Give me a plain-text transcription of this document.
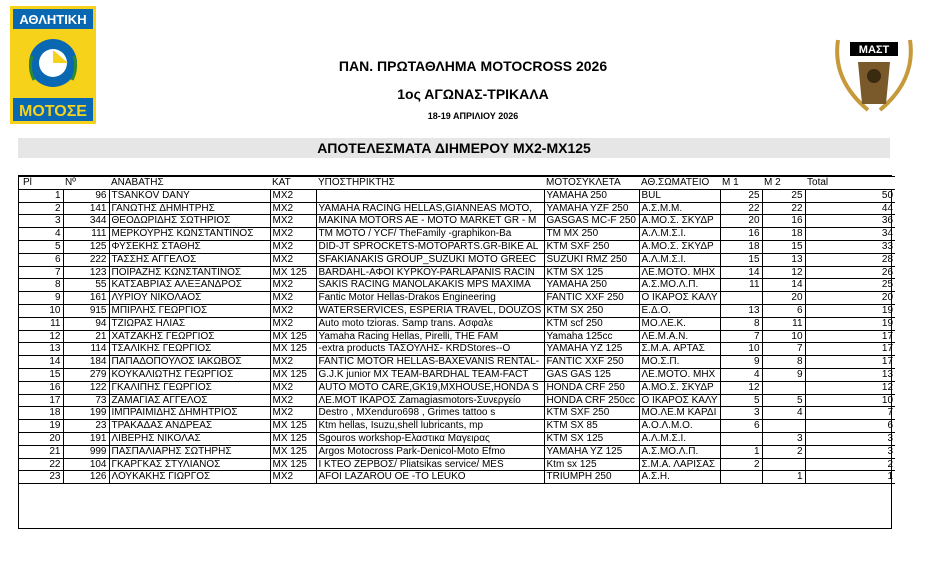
ΑΘΛΗΤΙΚΗ
ΜΟΤΟΣΕ
ΜΑΣΤ
ΠΑΝ. ΠΡΩΤΑΘΛΗΜΑ MOTOCROSS 2026
1ος ΑΓΩΝΑΣ-ΤΡΙΚΑΛΑ
18-19 ΑΠΡΙΛΙΟΥ 2026
ΑΠΟΤΕΛΕΣΜΑΤΑ ΔΙΗΜΕΡΟΥ MX2-MX125
Pl	Nº	ΑΝΑΒΑΤΗΣ	ΚΑΤ	ΥΠΟΣΤΗΡΙΚΤΗΣ	ΜΟΤΟΣΥΚΛΕΤΑ	ΑΘ.ΣΩΜΑΤΕΙΟ	Μ 1	Μ 2	Total
1	96	TSANKOV DANY	MX2		YAMAHA 250	BUL	25	25	50
2	141	ΓΑΝΩΤΗΣ ΔΗΜΗΤΡΗΣ	MX2	YAMAHA RACING HELLAS,GIANNEAS MOTO,	YAMAHA YZF 250	Α.Σ.Μ.Μ.	22	22	44
3	344	ΘΕΟΔΩΡΙΔΗΣ ΣΩΤΗΡΙΟΣ	MX2	MAKINA MOTORS AE - MOTO MARKET GR - M	GASGAS MC-F 250	Α.ΜΟ.Σ. ΣΚΥΔΡ	20	16	36
4	111	ΜΕΡΚΟΥΡΗΣ ΚΩΝΣΤΑΝΤΙΝΟΣ	MX2	TM MOTO / YCF/ TheFamily -graphikon-Ba	TM MX 250	Α.Λ.Μ.Σ.Ι.	16	18	34
5	125	ΦΥΣΕΚΗΣ ΣΤΑΘΗΣ	MX2	DID-JT SPROCKETS-MOTOPARTS.GR-BIKE AL	KTM SXF 250	Α.ΜΟ.Σ. ΣΚΥΔΡ	18	15	33
6	222	ΤΑΣΣΗΣ ΑΓΓΕΛΟΣ	MX2	SFAKIANAKIS GROUP_SUZUKI MOTO GREEC	SUZUKI RMZ 250	Α.Λ.Μ.Σ.Ι.	15	13	28
7	123	ΠΟΪΡΑΖΗΣ ΚΩΝΣΤΑΝΤΙΝΟΣ	MX 125	BARDAHL-ΑΦΟΙ ΚΥΡΚΟΥ-PARLAPANIS RACIN	KTM SX 125	ΛΕ.ΜΟΤΟ. ΜΗΧ	14	12	26
8	55	ΚΑΤΣΑΒΡΙΑΣ ΑΛΕΞΑΝΔΡΟΣ	MX2	SAKIS RACING MANOLAKAKIS MPS MAXIMA	YAMAHA 250	Α.Σ.ΜΟ.Λ.Π.	11	14	25
9	161	ΛΥΡΙΟΥ ΝΙΚΟΛΑΟΣ	MX2	Fantic Motor Hellas-Drakos Engineering	FANTIC XXF 250	Ο ΙΚΑΡΟΣ ΚΑΛΥ		20	20
10	915	ΜΠΙΡΛΗΣ ΓΕΩΡΓΙΟΣ	MX2	WATERSERVICES, ESPERIA TRAVEL, DOUZOS	KTM SX 250	Ε.Δ.Ο.	13	6	19
11	94	ΤΖΙΩΡΑΣ ΗΛΙΑΣ	MX2	Auto moto tzioras. Samp trans. Ασφαλε	KTM scf 250	ΜΟ.ΛΕ.Κ.	8	11	19
12	21	ΧΑΤΖΑΚΗΣ ΓΕΩΡΓΙΟΣ	MX 125	Yamaha Racing Hellas, Pirelli, THE FAM	Yamaha 125cc	ΛΕ.Μ.Α.Ν.	7	10	17
13	114	ΤΣΑΛΙΚΗΣ ΓΕΩΡΓΙΟΣ	MX 125	-extra products ΤΑΣΟΥΛΗΣ- KRDStores--Ο	YAMAHA YZ 125	Σ.Μ.Α. ΑΡΤΑΣ	10	7	17
14	184	ΠΑΠΑΔΟΠΟΥΛΟΣ ΙΑΚΩΒΟΣ	MX2	FANTIC MOTOR HELLAS-BAXEVANIS RENTAL-	FANTIC XXF 250	ΜΟ.Σ.Π.	9	8	17
15	279	ΚΟΥΚΑΛΙΩΤΗΣ ΓΕΩΡΓΙΟΣ	MX 125	G.J.K junior MX TEAM-BARDHAL TEAM-FACT	GAS GAS 125	ΛΕ.ΜΟΤΟ. ΜΗΧ	4	9	13
16	122	ΓΚΑΛΙΠΗΣ ΓΕΩΡΓΙΟΣ	MX2	AUTO MOTO CARE,GK19,MXHOUSE,HONDA S	HONDA CRF 250	Α.ΜΟ.Σ. ΣΚΥΔΡ	12		12
17	73	ΖΑΜΑΓΙΑΣ ΑΓΓΕΛΟΣ	MX2	ΛΕ.ΜΟΤ ΙΚΑΡΟΣ Zamagiasmotors-Συνεργείο	HONDA CRF 250cc	Ο ΙΚΑΡΟΣ ΚΑΛΥ	5	5	10
18	199	ΙΜΠΡΑΙΜΙΔΗΣ ΔΗΜΗΤΡΙΟΣ	MX2	Destro , MXenduro698 , Grimes tattoo s	KTM SXF 250	ΜΟ.ΛΕ.Μ ΚΑΡΔΙ	3	4	7
19	23	ΤΡΑΚΑΔΑΣ ΑΝΔΡΕΑΣ	MX 125	Ktm hellas, Isuzu,shell lubricants, mp	KTM SX 85	Α.Ο.Λ.Μ.Ο.	6		6
20	191	ΛΙΒΕΡΗΣ ΝΙΚΟΛΑΣ	MX 125	Sgouros workshop-Ελαστικα Μαγειρας	KTM SX 125	Α.Λ.Μ.Σ.Ι.		3	3
21	999	ΠΑΣΠΑΛΙΑΡΗΣ ΣΩΤΗΡΗΣ	MX 125	Argos Motocross Park-Denicol-Moto Efmo	YAMAHA YZ 125	Α.Σ.ΜΟ.Λ.Π.	1	2	3
22	104	ΓΚΑΡΓΚΑΣ ΣΤΥΛΙΑΝΟΣ	MX 125	Ι ΚΤΕΟ ΖΕΡΒΟΣ/ Pliatsikas service/ MES	Ktm sx 125	Σ.Μ.Α. ΛΑΡΙΣΑΣ	2		2
23	126	ΛΟΥΚΑΚΗΣ ΓΙΩΡΓΟΣ	MX2	AFOI LAZAROU OE -TO LEUKO	TRIUMPH 250	Α.Σ.Η.		1	1
